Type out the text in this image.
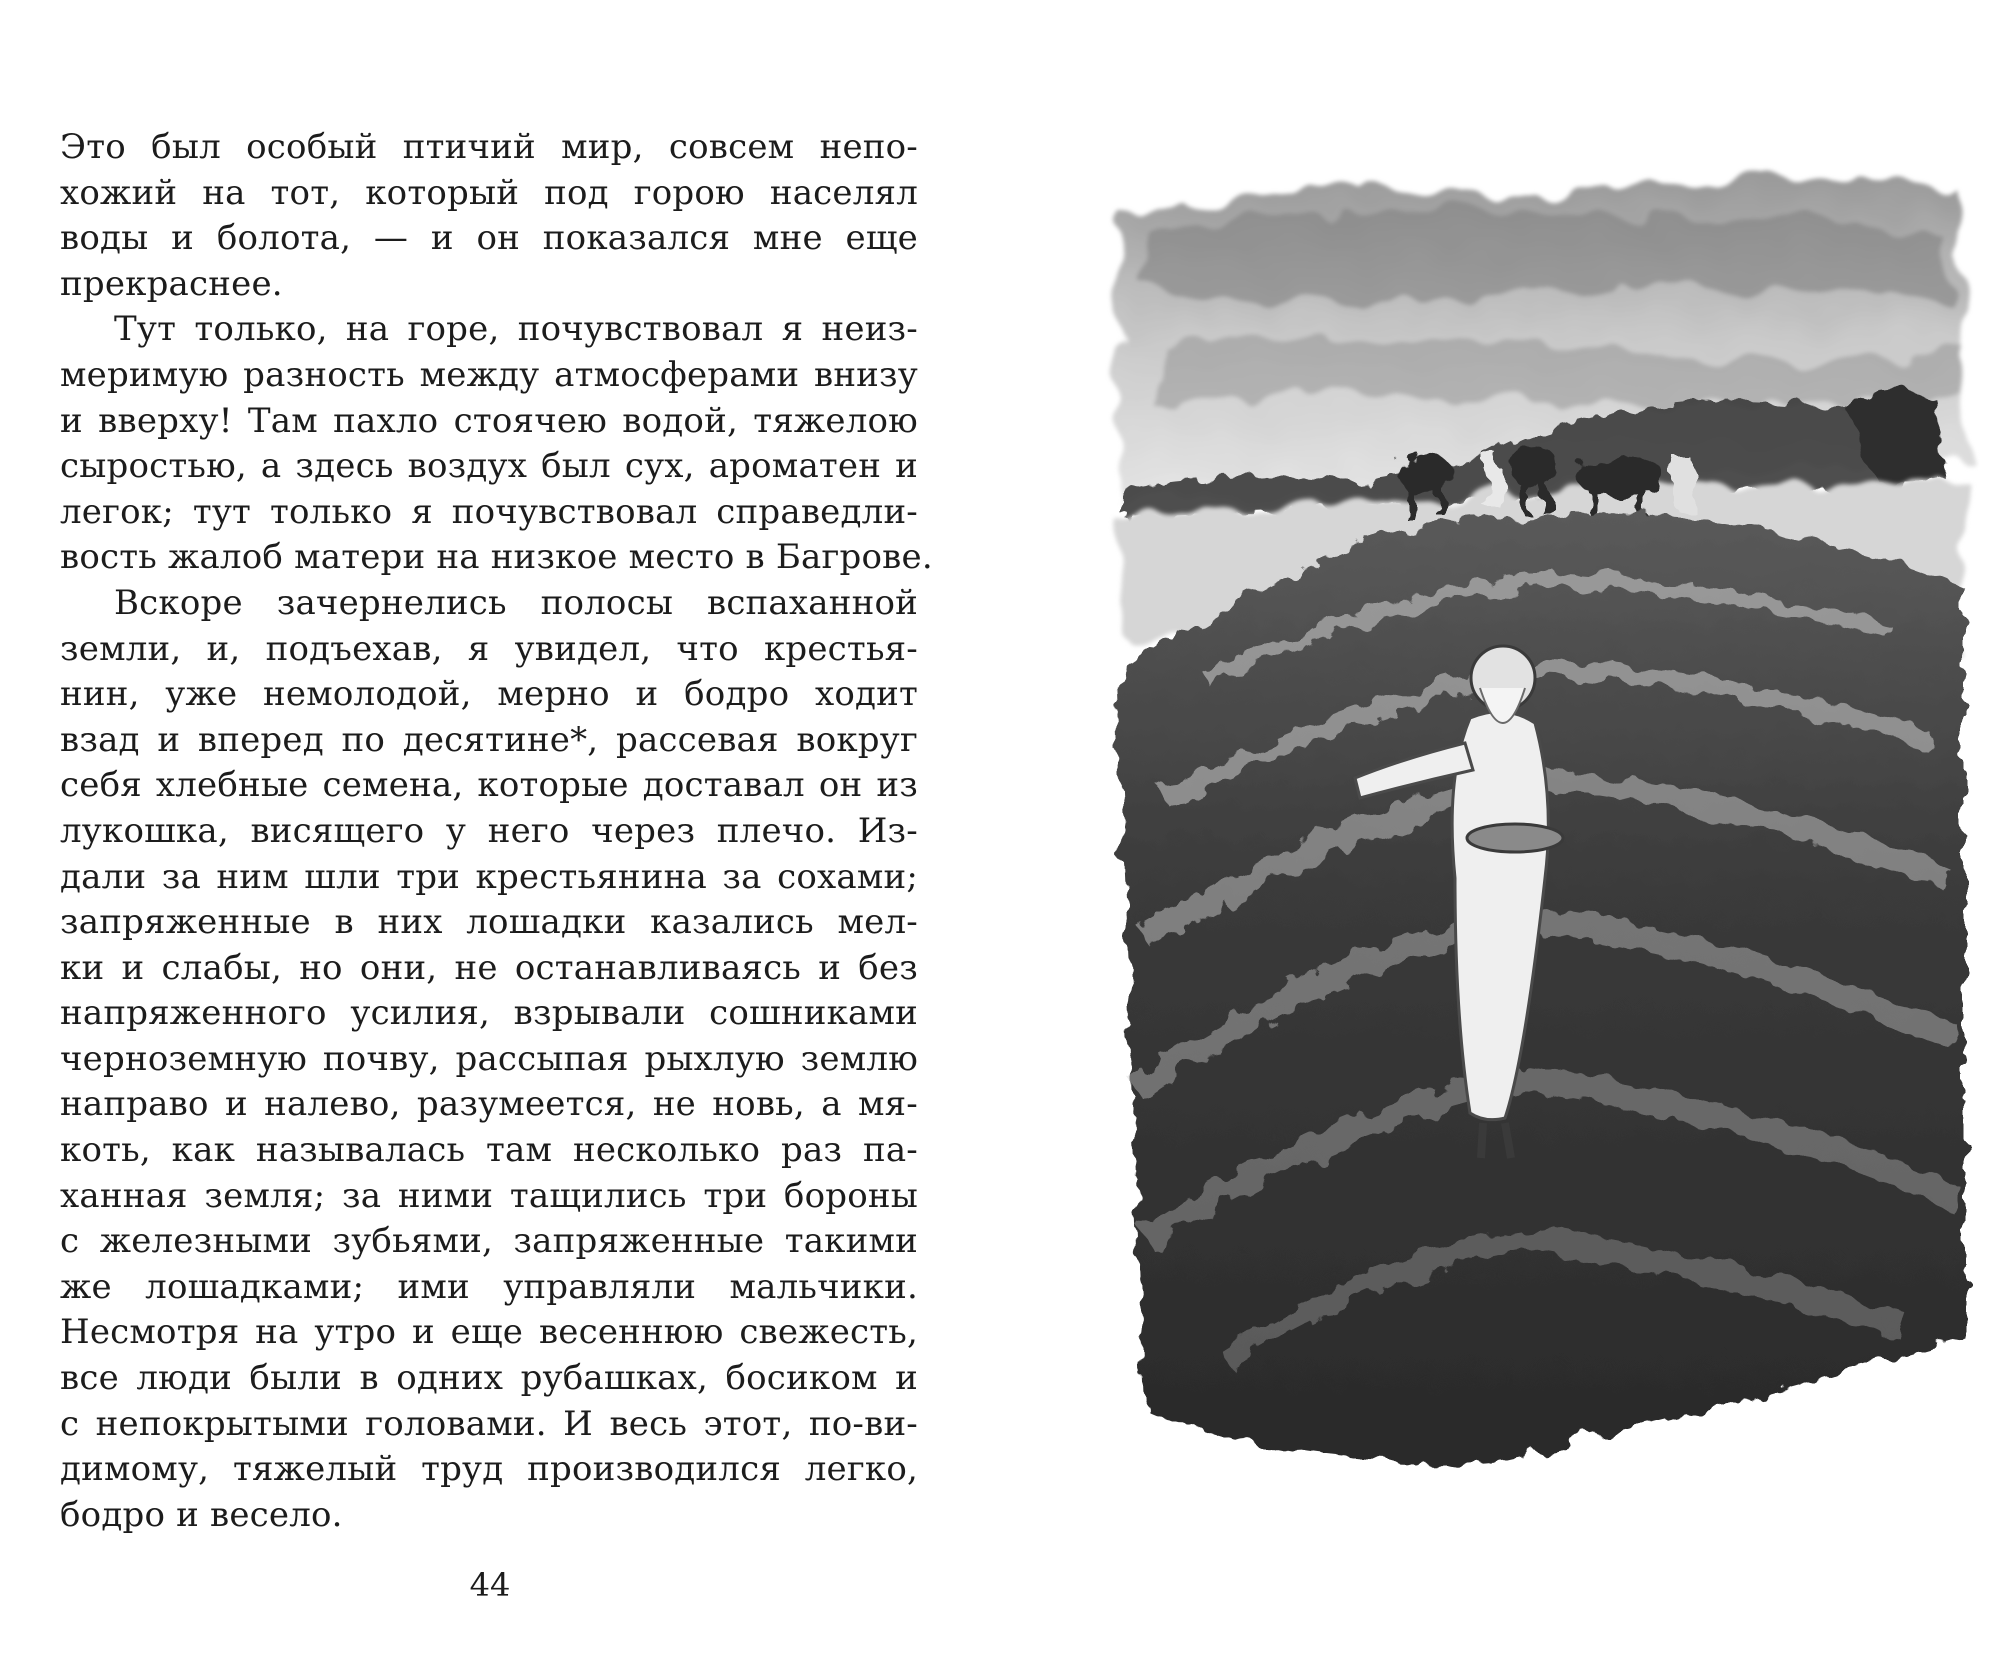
Это был особый птичий мир, совсем непо-
хожий на тот, который под горою населял
воды и болота, — и он показался мне еще
прекраснее.
Тут только, на горе, почувствовал я неиз-
меримую разность между атмосферами внизу
и вверху! Там пахло стоячею водой, тяжелою
сыростью, а здесь воздух был сух, ароматен и
легок; тут только я почувствовал справедли-
вость жалоб матери на низкое место в Багрове.
Вскоре зачернелись полосы вспаханной
земли, и, подъехав, я увидел, что крестья-
нин, уже немолодой, мерно и бодро ходит
взад и вперед по десятине*, рассевая вокруг
себя хлебные семена, которые доставал он из
лукошка, висящего у него через плечо. Из-
дали за ним шли три крестьянина за сохами;
запряженные в них лошадки казались мел-
ки и слабы, но они, не останавливаясь и без
напряженного усилия, взрывали сошниками
черноземную почву, рассыпая рыхлую землю
направо и налево, разумеется, не новь, а мя-
коть, как называлась там несколько раз па-
ханная земля; за ними тащились три бороны
с железными зубьями, запряженные такими
же лошадками; ими управляли мальчики.
Несмотря на утро и еще весеннюю свежесть,
все люди были в одних рубашках, босиком и
с непокрытыми головами. И весь этот, по-ви-
димому, тяжелый труд производился легко,
бодро и весело.
44
